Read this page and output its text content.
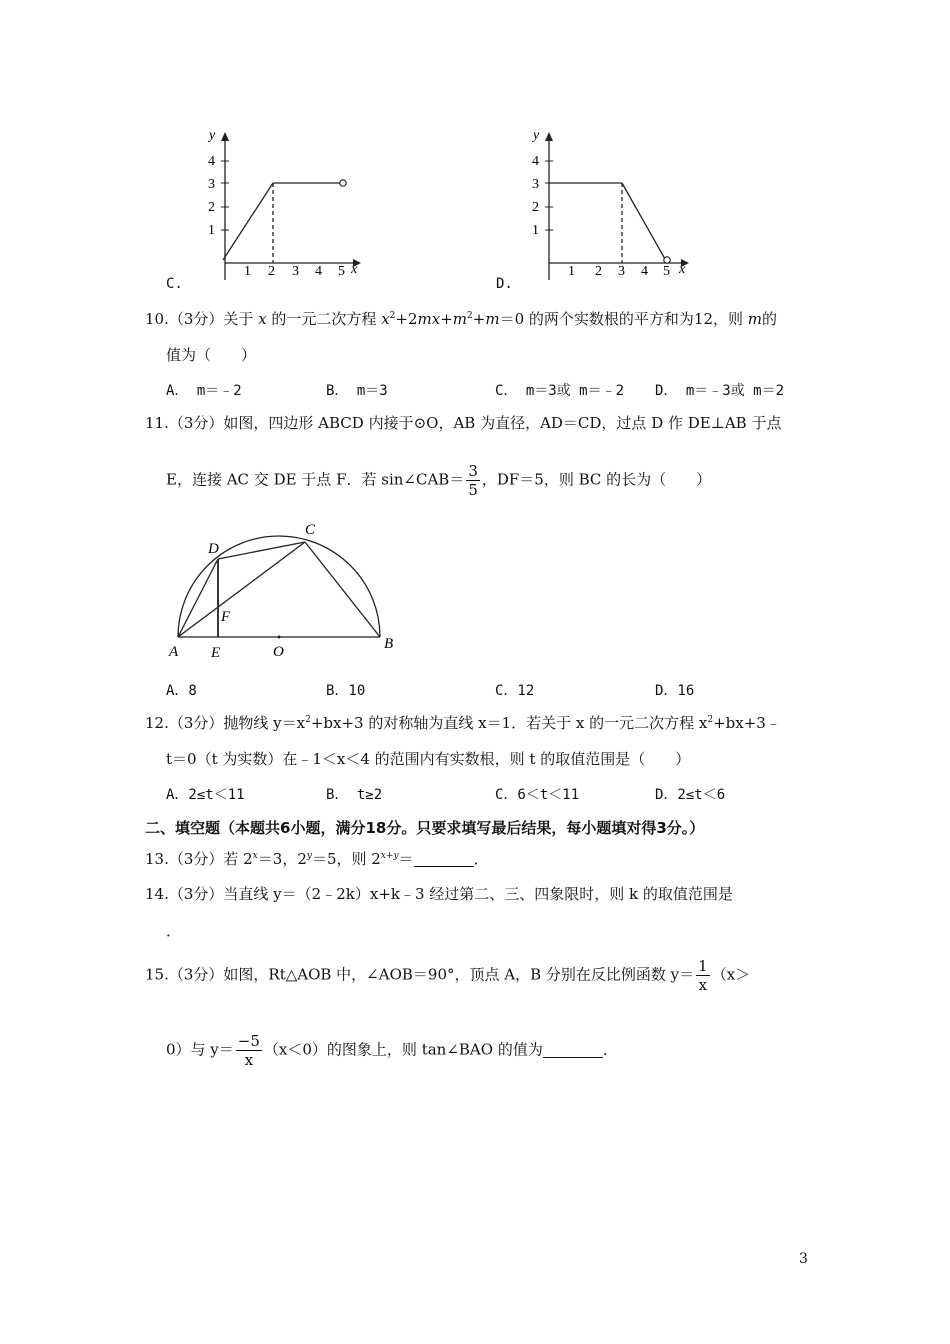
y
4
3
2
1
1 2 3 4 5 x
C.
y
4
3
2
1
1 2 3 4 5 x
D.
10.（3分）关于 x 的一元二次方程 $x^2+2mx+m^2+m=0$ 的两个实数根的平方和为12，则 m的
值为（　　）
A． m＝﹣2	B． m＝3	C． m＝3或 m＝﹣2 D． m＝﹣3或 m＝2
11.（3分）如图，四边形 ABCD 内接于⊙O，AB 为直径，AD＝CD，过点 D 作 DE⊥AB 于点
E，连接 AC 交 DE 于点 F．若 sin∠CAB＝ $\frac{3}{5}$ ，DF＝5，则 BC 的长为（　　）
A	B
C
D
E
F
O
A．8	B．10	C．12	D．16
12.（3分）抛物线 $y=x^2+bx+3$ 的对称轴为直线 x＝1．若关于 x 的一元二次方程 $x^2+bx+3﹣$
t＝0（t 为实数）在﹣1＜x＜4 的范围内有实数根，则 t 的取值范围是（　　）
A．2≤t＜11	B． t≥2	C．6＜t＜11	D．2≤t＜6
二、填空题（本题共6小题，满分18分。只要求填写最后结果，每小题填对得3分。）
13.（3分）若 $2^x=3$，$2^y=5$，则 $2^{x+y}=$	．
14.（3分）当直线 y＝（2﹣2k）x+k﹣3 经过第二、三、四象限时，则 k 的取值范围是
．
15.（3分）如图，Rt△AOB 中，∠AOB＝90°，顶点 A，B 分别在反比例函数 $y= \frac{1}{x} (x>$
0）与 $y= \frac{-5}{x} (x<0)$的图象上，则 tan∠BAO 的值为	．
3
